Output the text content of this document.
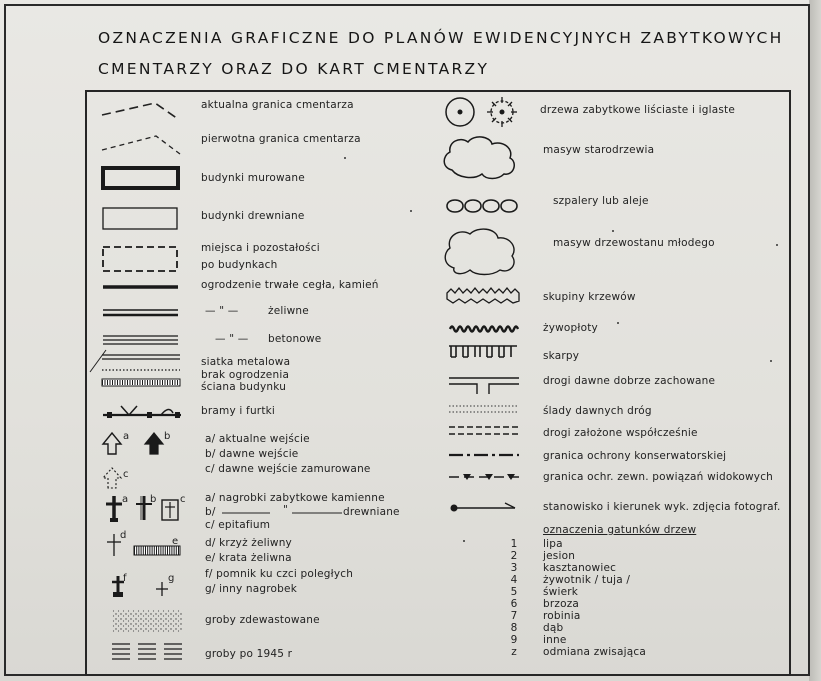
OZNACZENIA GRAFICZNE DO PLANÓW EWIDENCYJNYCH ZABYTKOWYCH
CMENTARZY ORAZ DO KART CMENTARZY
aktualna granica cmentarza
pierwotna granica cmentarza
budynki murowane
budynki drewniane
miejsca i pozostałości
po budynkach
ogrodzenie trwałe cegła, kamień
— " —	żeliwne
— " — betonowe
siatka metalowa
brak ogrodzenia
ściana budynku
bramy i furtki
a	b
c
a/ aktualne wejście
b/ dawne wejście
c/ dawne wejście zamurowane
a b c a/ nagrobki zabytkowe kamienne
b/	"	drewniane
c/ epitafium
d
e	d/ krzyż żeliwny
e/ krata żeliwna
f	g	f/ pomnik ku czci poległych
g/ inny nagrobek
groby zdewastowane
groby po 1945 r
drzewa zabytkowe liściaste i iglaste
masyw starodrzewia
szpalery lub aleje
masyw drzewostanu młodego
skupiny krzewów
żywopłoty
skarpy
drogi dawne dobrze zachowane
ślady dawnych dróg
drogi założone współcześnie
granica ochrony konserwatorskiej
granica ochr. zewn. powiązań widokowych
stanowisko i kierunek wyk. zdjęcia fotograf.
oznaczenia gatunków drzew
1	lipa
2	jesion
3	kasztanowiec
4	żywotnik / tuja /
5	świerk
6	brzoza
7	robinia
8	dąb
9	inne
z	odmiana zwisająca
